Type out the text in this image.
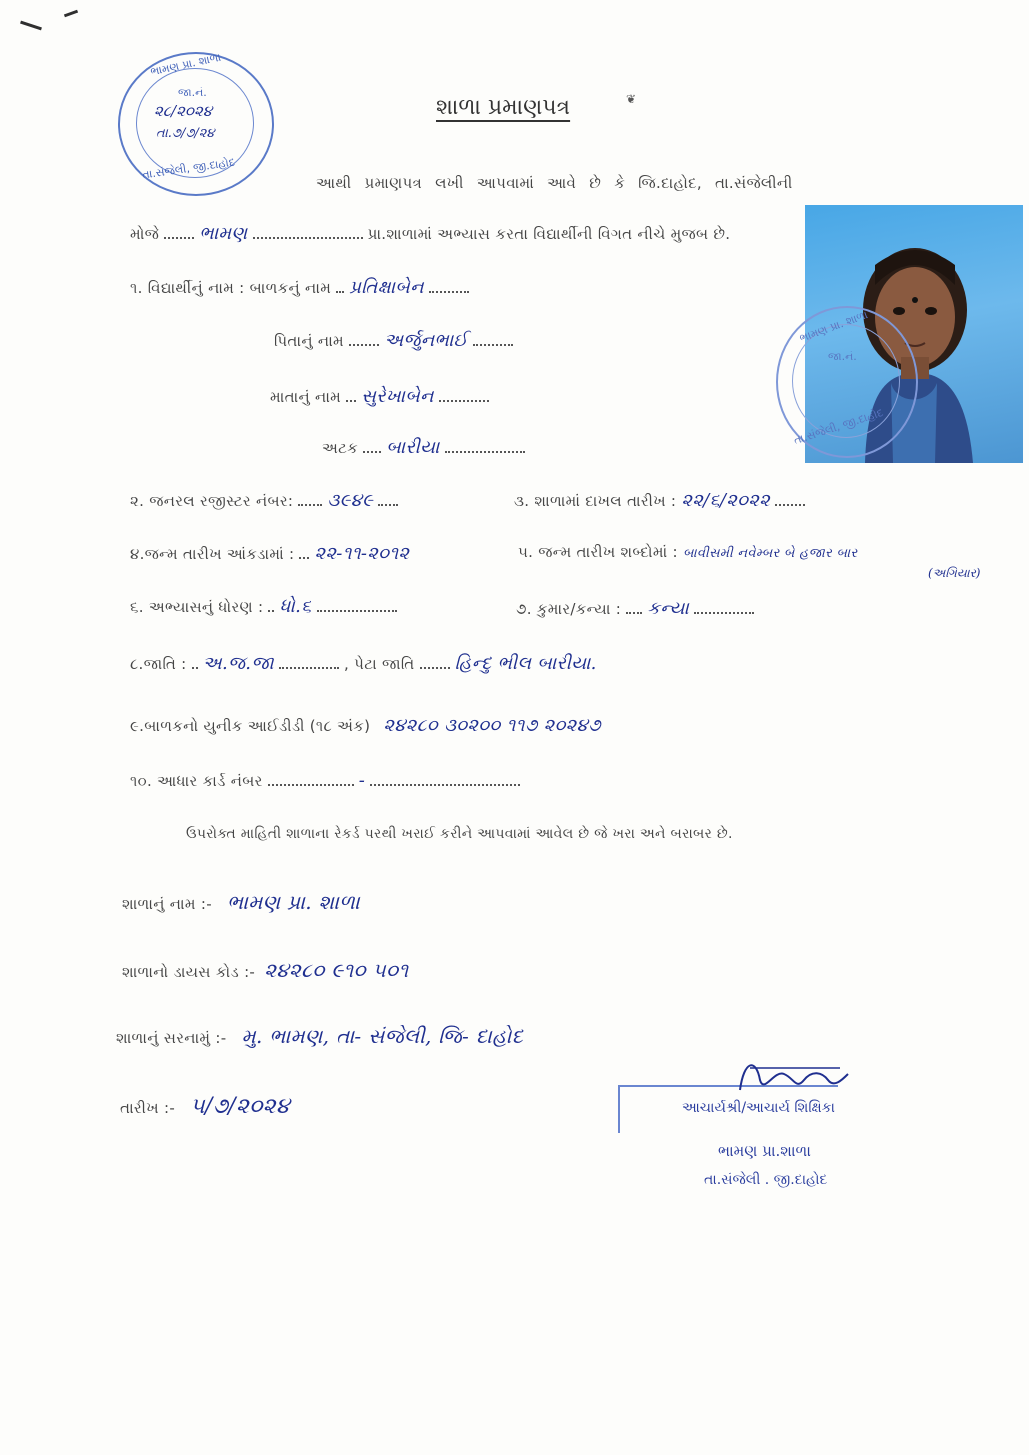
ભામણ પ્રા. શાળા
જા.નં.
૨૮/૨૦૨૪
તા.૭/૭/૨૪
તા.સંજેલી, જી.દાહોદ
શાળા પ્રમાણપત્ર	❦
આથી પ્રમાણપત્ર લખી આપવામાં આવે છે કે જિ.દાહોદ, તા.સંજેલીની
મોજે ભામણ	પ્રા.શાળામાં અભ્યાસ કરતા વિદ્યાર્થીની વિગત નીચે મુજબ છે.
ભામણ પ્રા. શાળા
જા.નં.
તા.સંજેલી, જી.દાહોદ
૧. વિદ્યાર્થીનું નામ : બાળકનું નામ પ્રતિક્ષાબેન
પિતાનું નામ અર્જુનભાઈ
માતાનું નામ સુરેખાબેન
અટક બારીયા
૨. જનરલ રજીસ્ટર નંબર: ૩૯૪૯	૩. શાળામાં દાખલ તારીખ : ૨૨/૬/૨૦૨૨
૪.જન્મ તારીખ આંકડામાં : ૨૨-૧૧-૨૦૧૨	૫. જન્મ તારીખ શબ્દોમાં : બાવીસમી નવેમ્બર બે હજાર બાર
(અગિયાર)
૬. અભ્યાસનું ધોરણ : ધો.૬	૭. કુમાર/કન્યા : કન્યા
૮.જાતિ : અ.જ.જા	, પેટા જાતિ હિન્દુ ભીલ બારીયા.
૯.બાળકનો યુનીક આઈડીડી (૧૮ અંક) ૨૪૨૮૦ ૩૦૨૦૦ ૧૧૭ ૨૦૨૪૭
૧૦. આધાર કાર્ડ નંબર	-
ઉપરોક્ત માહિતી શાળાના રેકર્ડ પરથી ખરાઈ કરીને આપવામાં આવેલ છે જે ખરા અને બરાબર છે.
શાળાનું નામ :- ભામણ પ્રા. શાળા
શાળાનો ડાયસ કોડ :- ૨૪૨૮૦ ૯૧૦ ૫૦૧
શાળાનું સરનામું :- મુ. ભામણ, તા- સંજેલી, જિ- દાહોદ
તારીખ :- ૫/૭/૨૦૨૪	આચાર્યશ્રી/આચાર્ય શિક્ષિકા
ભામણ પ્રા.શાળા
તા.સંજેલી . જી.દાહોદ
